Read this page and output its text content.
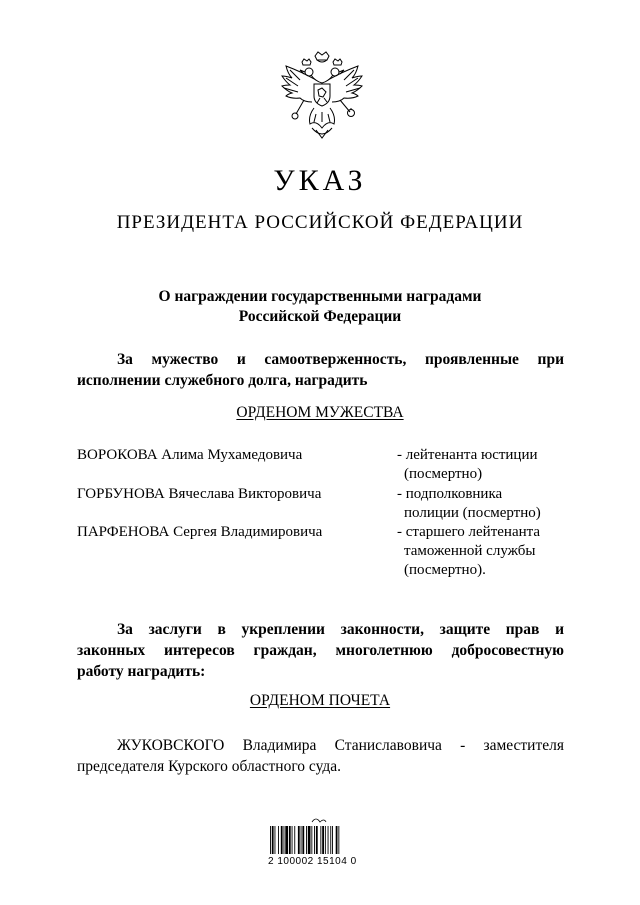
УКАЗ
ПРЕЗИДЕНТА РОССИЙСКОЙ ФЕДЕРАЦИИ
О награждении государственными наградами
Российской Федерации
За мужество и самоотверженность, проявленные при
исполнении служебного долга, наградить
ОРДЕНОМ МУЖЕСТВА
ВОРОКОВА Алима Мухамедовича	- лейтенанта юстиции
(посмертно)
ГОРБУНОВА Вячеслава Викторовича	- подполковника
полиции (посмертно)
ПАРФЕНОВА Сергея Владимировича	- старшего лейтенанта
таможенной службы
(посмертно).
За заслуги в укреплении законности, защите прав и
законных интересов граждан, многолетнюю добросовестную
работу наградить:
ОРДЕНОМ ПОЧЕТА
ЖУКОВСКОГО Владимира Станиславовича - заместителя
председателя Курского областного суда.
2 100002 15104 0
